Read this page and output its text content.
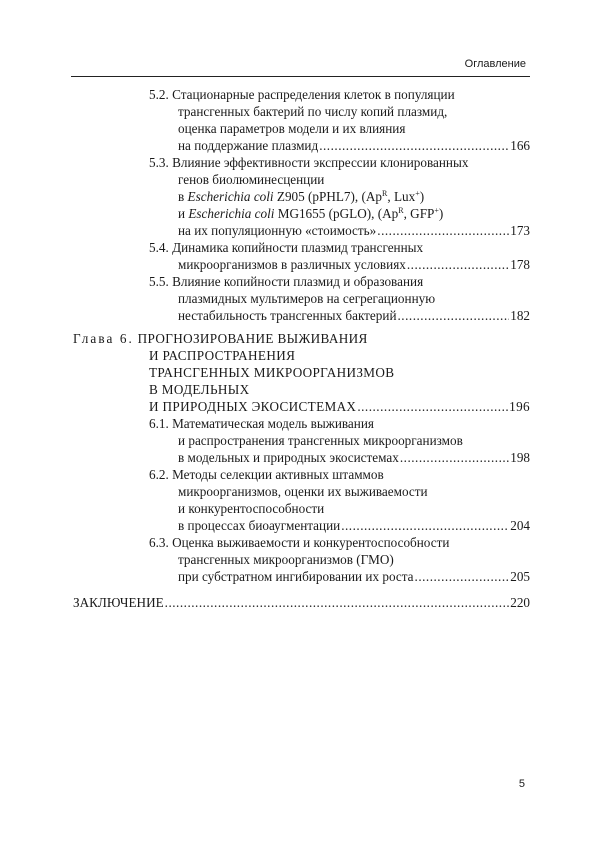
Оглавление
5.2. Стационарные распределения клеток в популяции
трансгенных бактерий по числу копий плазмид,
оценка параметров модели и их влияния
на поддержание плазмид .....	166
5.3. Влияние эффективности экспрессии клонированных
генов биолюминесценции
в Escherichia coli Z905 (pPHL7), ($Ap^R$, Lux+)
и Escherichia coli MG1655 (pGLO), ($Ap^R$, GFP+)
на их популяционную «стоимость» .....	173
5.4. Динамика копийности плазмид трансгенных
микроорганизмов в различных условиях .....	178
5.5. Влияние копийности плазмид и образования
плазмидных мультимеров на сегрегационную
нестабильность трансгенных бактерий .....	182
Глава 6. ПРОГНОЗИРОВАНИЕ ВЫЖИВАНИЯ
И РАСПРОСТРАНЕНИЯ
ТРАНСГЕННЫХ МИКРООРГАНИЗМОВ
В МОДЕЛЬНЫХ
И ПРИРОДНЫХ ЭКОСИСТЕМАХ .....	196
6.1. Математическая модель выживания
и распространения трансгенных микроорганизмов
в модельных и природных экосистемах .....	198
6.2. Методы селекции активных штаммов
микроорганизмов, оценки их выживаемости
и конкурентоспособности
в процессах биоаугментации .....	204
6.3. Оценка выживаемости и конкурентоспособности
трансгенных микроорганизмов (ГМО)
при субстратном ингибировании их роста .....	205
ЗАКЛЮЧЕНИЕ .....	220
5
